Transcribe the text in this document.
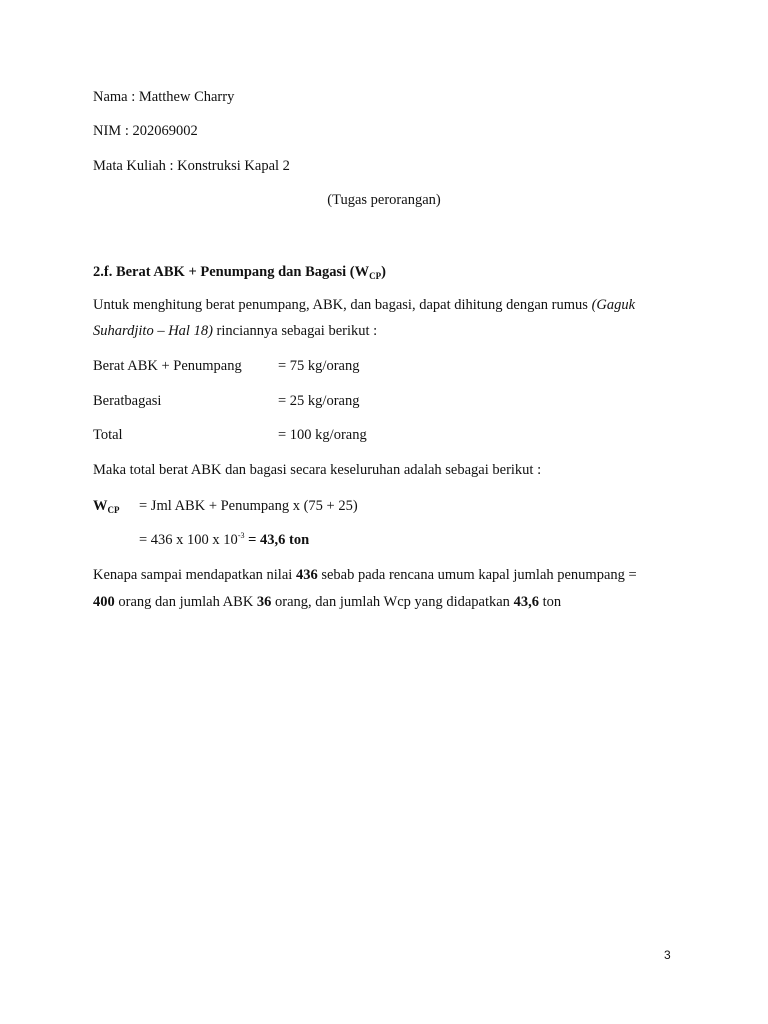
Nama : Matthew Charry
NIM : 202069002
Mata Kuliah : Konstruksi Kapal 2
(Tugas perorangan)
2.f. Berat ABK + Penumpang dan Bagasi $(W_{CP})$
Untuk menghitung berat penumpang, ABK, dan bagasi, dapat dihitung dengan rumus (Gaguk
Suhardjito – Hal 18) rinciannya sebagai berikut :
Berat ABK + Penumpang	= 75 kg/orang
Beratbagasi	= 25 kg/orang
Total	= 100 kg/orang
Maka total berat ABK dan bagasi secara keseluruhan adalah sebagai berikut :
$W_{CP}$ = Jml ABK + Penumpang x (75 + 25)
= 436 x 100 x $10^{-3} = 43,6$ ton
Kenapa sampai mendapatkan nilai 436 sebab pada rencana umum kapal jumlah penumpang =
400 orang dan jumlah ABK 36 orang, dan jumlah Wcp yang didapatkan 43,6 ton
3
